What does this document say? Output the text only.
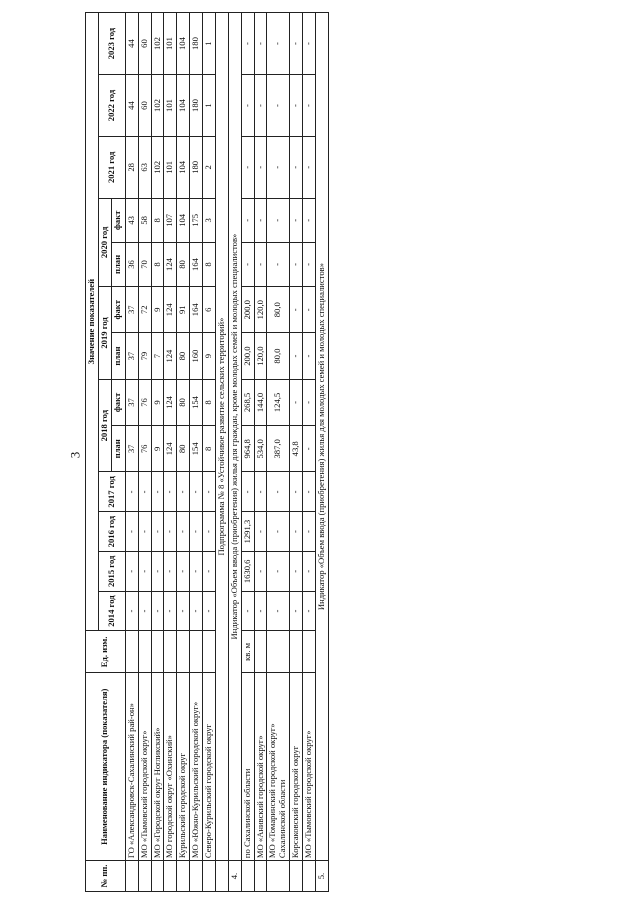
3
№ пп.	Наименование индикатора (показателя)	Ед. изм.	Значение показателей												
			2014 год	2015 год	2016 год	2017 год	2018 год		2019 год		2020 год		2021 год	2022 год	2023 год
							план	факт	план	факт	план	факт			
	ГО «Александровск-Сахалинский рай-он»		-	-	-	-	37	37	37	37	36	43	28	44	44
	МО «Тымовский городской округ»		-	-	-	-	76	76	79	72	70	58	63	60	60
	МО «Городской округ Ногликский»		-	-	-	-	9	9	7	9	8	8	102	102	102
	МО городской округ «Охинский»		-	-	-	-	124	124	124	124	124	107	101	101	101
	Курильский городской округ		-	-	-	-	80	80	80	91	80	104	104	104	104
	МО «Южно-Курильский городской округ»		-	-	-	-	154	154	160	164	164	175	180	180	180
	Северо-Курильский городской округ		-	-	-	-	8	8	9	6	8	3	2	1	1
	Подпрограмма № 8 «Устойчивое развитие сельских территорий»														
4.	Индикатор «Объем ввода (приобретения) жилья для граждан, кроме молодых семей и молодых специалистов»														
	по Сахалинской области	кв. м	-	1630,6	1291,3	-	964,8	268,5	200,0	200,0	-	-	-	-	-
	МО «Анивский городской округ»		-	-	-	-	534,0	144,0	120,0	120,0	-	-	-	-	-
	МО «Томаринский городской округ» Сахалинской области		-	-	-	-	387,0	124,5	80,0	80,0	-	-	-	-	-
	Корсаковский городской округ		-	-	-	-	43,8	-	-	-	-	-	-	-	-
	МО «Тымовский городской округ»		-	-	-	-	-	-	-	-	-	-	-	-	-
5.	Индикатор «Объем ввода (приобретения) жилья для молодых семей и молодых специалистов»														
